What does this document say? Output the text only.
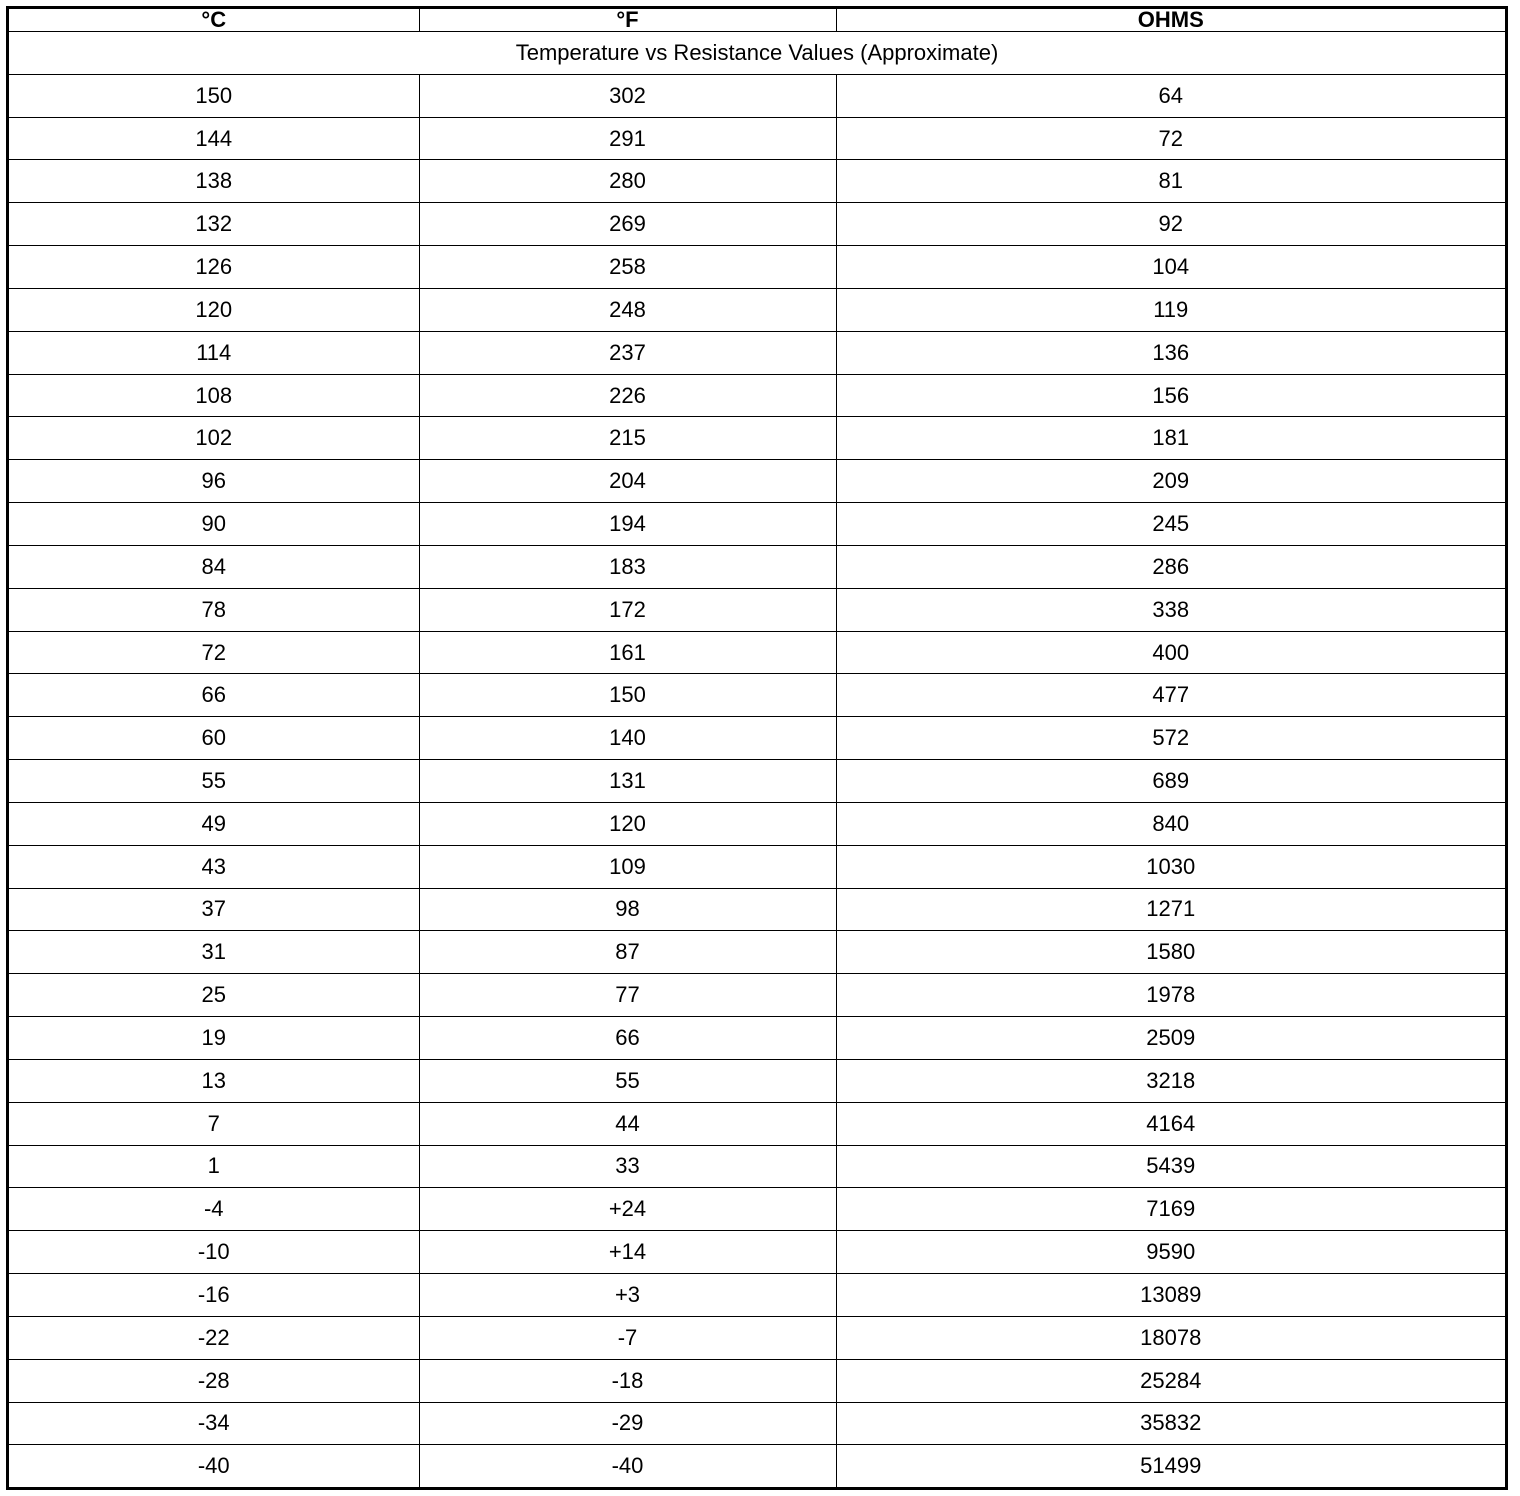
°C	°F	OHMS
Temperature vs Resistance Values (Approximate)		
150	302	64
144	291	72
138	280	81
132	269	92
126	258	104
120	248	119
114	237	136
108	226	156
102	215	181
96	204	209
90	194	245
84	183	286
78	172	338
72	161	400
66	150	477
60	140	572
55	131	689
49	120	840
43	109	1030
37	98	1271
31	87	1580
25	77	1978
19	66	2509
13	55	3218
7	44	4164
1	33	5439
-4	+24	7169
-10	+14	9590
-16	+3	13089
-22	-7	18078
-28	-18	25284
-34	-29	35832
-40	-40	51499
